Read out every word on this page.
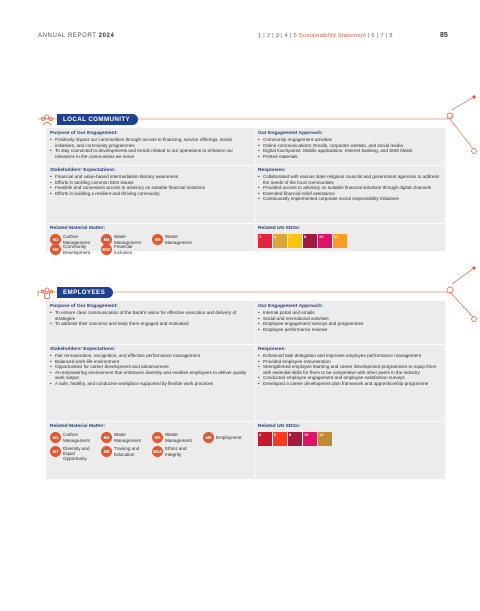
ANNUAL REPORT 2024	1 | 2 | 3 | 4 | 5 Sustainability Statement | 6 | 7 | 8	85
LOCAL COMMUNITY
Purpose of Our Engagement:
• Positively impact our communities through access to financing, service offerings, social initiatives, and community programmes
• To stay connected to developments and trends related to our operations to enhance our relevance in the communities we serve
Our Engagement Approach:
• Community engagement activities
• Online communications: Emails, corporate website, and social media
• Digital touchpoints: Mobile applications, Internet banking, and SMS blasts
• Printed materials
Stakeholders' Expectations:
• Financial and value-based intermediation literacy awareness
• Efforts in tackling common EES issues
• Feasible and convenient access to advisory on suitable financial solutions
• Efforts in building a resilient and thriving community
Responses:
• Collaborated with various state religious councils and government agencies to address the needs of the local communities
• Provided access to advisory on suitable financial solutions through digital channels
• Extended financial relief assistance
• Continuously implemented corporate social responsibility initiatives
Related Material Matter:
M3
Carbon Management	M4
Water Management	M5
Waste Management
M9
Community Development	M10
Financial Inclusion
Related UN SDGs:
1	2	7	8	10	11
EMPLOYEES
Purpose of Our Engagement:
• To ensure clear communication of the Bank's vision for effective execution and delivery of strategies
• To address their concerns and keep them engaged and motivated
Our Engagement Approach:
• Internal portal and emails
• Social and recreational activities
• Employee engagement surveys and programmes
• Employee performance reviews
Stakeholders' Expectations:
• Fair remuneration, recognition, and effective performance management
• Balanced work-life environment
• Opportunities for career development and advancement
• An empowering environment that embraces diversity and enables employees to deliver quality work output
• A safe, healthy, and conducive workplace supported by flexible work practices
Responses:
• Enhanced task delegation and improves employee performance management
• Provided employee remuneration
• Strengthened employee learning and career development programmes to equip them with essential skills for them to be competitive with other peers in the industry
• Conducted employee engagement and employee satisfaction surveys
• Developed a career development plan framework and apprenticeship programme
Related Material Matter:
M3
Carbon Management	M4
Water Management	M5
Waste Management	M6 Employment
M7
Diversity and Equal Opportunity
M8
Training and Education	M14
Ethics and Integrity
Related UN SDGs:
4	5	8	10	12
